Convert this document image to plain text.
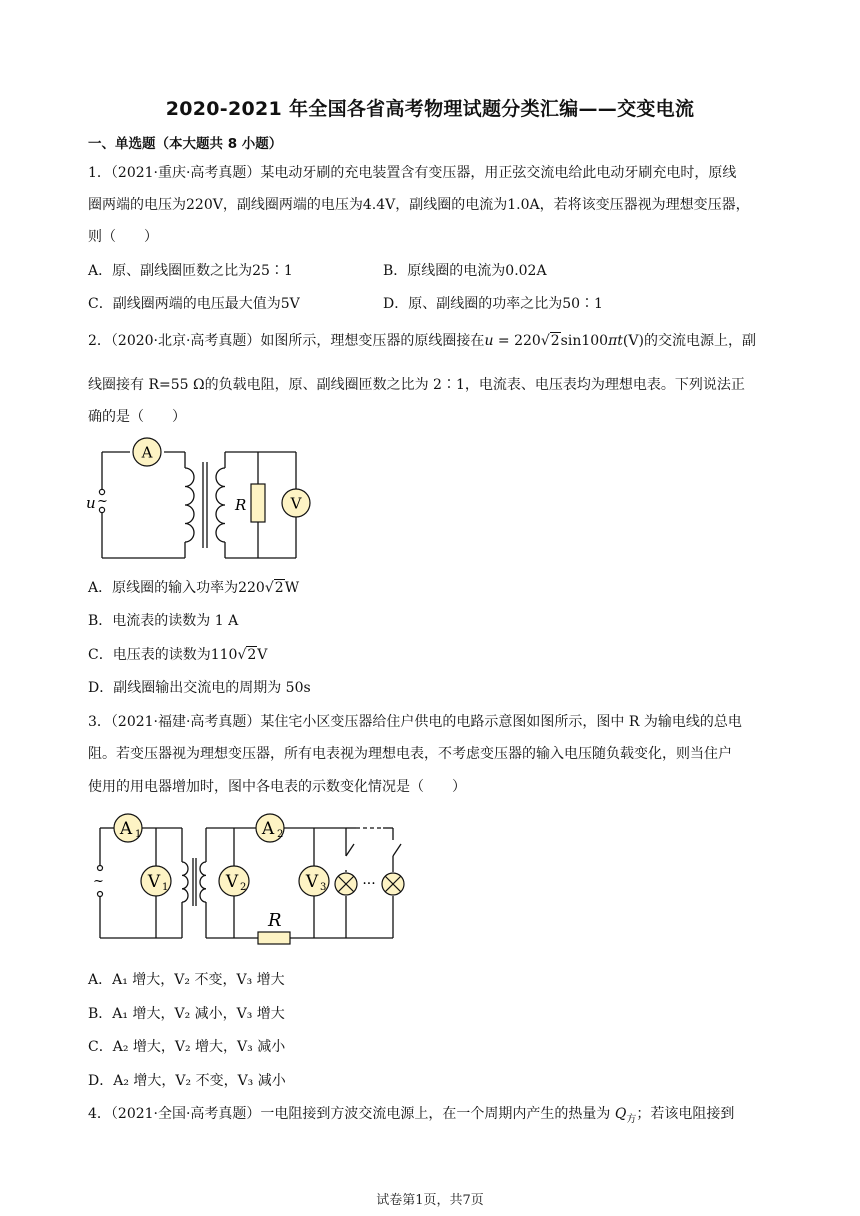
2020-2021 年全国各省高考物理试题分类汇编——交变电流
一、单选题（本大题共 8 小题）
1．（2021·重庆·高考真题）某电动牙刷的充电装置含有变压器，用正弦交流电给此电动牙刷充电时，原线
圈两端的电压为220V，副线圈两端的电压为4.4V，副线圈的电流为1.0A，若将该变压器视为理想变压器，
则（　　）
A．原、副线圈匝数之比为25∶1	B．原线圈的电流为0.02A
C．副线圈两端的电压最大值为5V	D．原、副线圈的功率之比为50∶1
2．（2020·北京·高考真题）如图所示，理想变压器的原线圈接在u = 220√2sin100πt(V)的交流电源上，副
线圈接有 R=55 Ω的负载电阻，原、副线圈匝数之比为 2∶1，电流表、电压表均为理想电表。下列说法正
确的是（　　）
u ~
A
R	V
A．原线圈的输入功率为220√2W
B．电流表的读数为 1 A
C．电压表的读数为110√2V
D．副线圈输出交流电的周期为 50s
3．（2021·福建·高考真题）某住宅小区变压器给住户供电的电路示意图如图所示，图中 R 为输电线的总电
阻。若变压器视为理想变压器，所有电表视为理想电表，不考虑变压器的输入电压随负载变化，则当住户
使用的用电器增加时，图中各电表的示数变化情况是（　　）
~
A 1
V 1
A 2
V 2	V 3	···
R
A．A₁ 增大，V₂ 不变，V₃ 增大
B．A₁ 增大，V₂ 减小，V₃ 增大
C．A₂ 增大，V₂ 增大，V₃ 减小
D．A₂ 增大，V₂ 不变，V₃ 减小
4．（2021·全国·高考真题）一电阻接到方波交流电源上，在一个周期内产生的热量为 $Q_方$；若该电阻接到
试卷第1页，共7页
